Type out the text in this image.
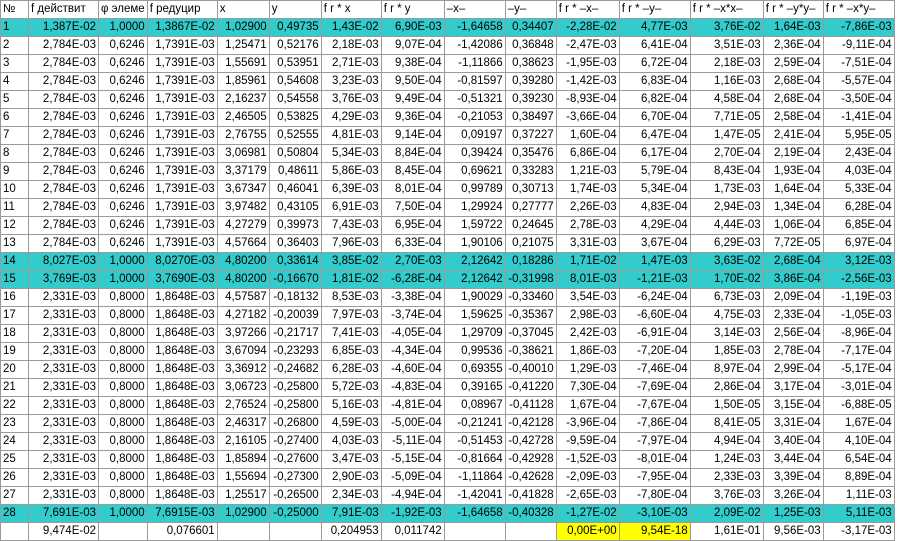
№	f действит	φ элеме	f редуцир	x	y	f r * x	f r * y	–x–	–y–	f r * –x–	f r * –y–	f r * –x*x–	f r * –y*y–	f r * –x*y–
1	1,387E-02	1,0000	1,3867E-02	1,02900	0,49735	1,43E-02	6,90E-03	-1,64658	0,34407	-2,28E-02	4,77E-03	3,76E-02	1,64E-03	-7,86E-03
2	2,784E-03	0,6246	1,7391E-03	1,25471	0,52176	2,18E-03	9,07E-04	-1,42086	0,36848	-2,47E-03	6,41E-04	3,51E-03	2,36E-04	-9,11E-04
3	2,784E-03	0,6246	1,7391E-03	1,55691	0,53951	2,71E-03	9,38E-04	-1,11866	0,38623	-1,95E-03	6,72E-04	2,18E-03	2,59E-04	-7,51E-04
4	2,784E-03	0,6246	1,7391E-03	1,85961	0,54608	3,23E-03	9,50E-04	-0,81597	0,39280	-1,42E-03	6,83E-04	1,16E-03	2,68E-04	-5,57E-04
5	2,784E-03	0,6246	1,7391E-03	2,16237	0,54558	3,76E-03	9,49E-04	-0,51321	0,39230	-8,93E-04	6,82E-04	4,58E-04	2,68E-04	-3,50E-04
6	2,784E-03	0,6246	1,7391E-03	2,46505	0,53825	4,29E-03	9,36E-04	-0,21053	0,38497	-3,66E-04	6,70E-04	7,71E-05	2,58E-04	-1,41E-04
7	2,784E-03	0,6246	1,7391E-03	2,76755	0,52555	4,81E-03	9,14E-04	0,09197	0,37227	1,60E-04	6,47E-04	1,47E-05	2,41E-04	5,95E-05
8	2,784E-03	0,6246	1,7391E-03	3,06981	0,50804	5,34E-03	8,84E-04	0,39424	0,35476	6,86E-04	6,17E-04	2,70E-04	2,19E-04	2,43E-04
9	2,784E-03	0,6246	1,7391E-03	3,37179	0,48611	5,86E-03	8,45E-04	0,69621	0,33283	1,21E-03	5,79E-04	8,43E-04	1,93E-04	4,03E-04
10	2,784E-03	0,6246	1,7391E-03	3,67347	0,46041	6,39E-03	8,01E-04	0,99789	0,30713	1,74E-03	5,34E-04	1,73E-03	1,64E-04	5,33E-04
11	2,784E-03	0,6246	1,7391E-03	3,97482	0,43105	6,91E-03	7,50E-04	1,29924	0,27777	2,26E-03	4,83E-04	2,94E-03	1,34E-04	6,28E-04
12	2,784E-03	0,6246	1,7391E-03	4,27279	0,39973	7,43E-03	6,95E-04	1,59722	0,24645	2,78E-03	4,29E-04	4,44E-03	1,06E-04	6,85E-04
13	2,784E-03	0,6246	1,7391E-03	4,57664	0,36403	7,96E-03	6,33E-04	1,90106	0,21075	3,31E-03	3,67E-04	6,29E-03	7,72E-05	6,97E-04
14	8,027E-03	1,0000	8,0270E-03	4,80200	0,33614	3,85E-02	2,70E-03	2,12642	0,18286	1,71E-02	1,47E-03	3,63E-02	2,68E-04	3,12E-03
15	3,769E-03	1,0000	3,7690E-03	4,80200	-0,16670	1,81E-02	-6,28E-04	2,12642	-0,31998	8,01E-03	-1,21E-03	1,70E-02	3,86E-04	-2,56E-03
16	2,331E-03	0,8000	1,8648E-03	4,57587	-0,18132	8,53E-03	-3,38E-04	1,90029	-0,33460	3,54E-03	-6,24E-04	6,73E-03	2,09E-04	-1,19E-03
17	2,331E-03	0,8000	1,8648E-03	4,27182	-0,20039	7,97E-03	-3,74E-04	1,59625	-0,35367	2,98E-03	-6,60E-04	4,75E-03	2,33E-04	-1,05E-03
18	2,331E-03	0,8000	1,8648E-03	3,97266	-0,21717	7,41E-03	-4,05E-04	1,29709	-0,37045	2,42E-03	-6,91E-04	3,14E-03	2,56E-04	-8,96E-04
19	2,331E-03	0,8000	1,8648E-03	3,67094	-0,23293	6,85E-03	-4,34E-04	0,99536	-0,38621	1,86E-03	-7,20E-04	1,85E-03	2,78E-04	-7,17E-04
20	2,331E-03	0,8000	1,8648E-03	3,36912	-0,24682	6,28E-03	-4,60E-04	0,69355	-0,40010	1,29E-03	-7,46E-04	8,97E-04	2,99E-04	-5,17E-04
21	2,331E-03	0,8000	1,8648E-03	3,06723	-0,25800	5,72E-03	-4,83E-04	0,39165	-0,41220	7,30E-04	-7,69E-04	2,86E-04	3,17E-04	-3,01E-04
22	2,331E-03	0,8000	1,8648E-03	2,76524	-0,25800	5,16E-03	-4,81E-04	0,08967	-0,41128	1,67E-04	-7,67E-04	1,50E-05	3,15E-04	-6,88E-05
23	2,331E-03	0,8000	1,8648E-03	2,46317	-0,26800	4,59E-03	-5,00E-04	-0,21241	-0,42128	-3,96E-04	-7,86E-04	8,41E-05	3,31E-04	1,67E-04
24	2,331E-03	0,8000	1,8648E-03	2,16105	-0,27400	4,03E-03	-5,11E-04	-0,51453	-0,42728	-9,59E-04	-7,97E-04	4,94E-04	3,40E-04	4,10E-04
25	2,331E-03	0,8000	1,8648E-03	1,85894	-0,27600	3,47E-03	-5,15E-04	-0,81664	-0,42928	-1,52E-03	-8,01E-04	1,24E-03	3,44E-04	6,54E-04
26	2,331E-03	0,8000	1,8648E-03	1,55694	-0,27300	2,90E-03	-5,09E-04	-1,11864	-0,42628	-2,09E-03	-7,95E-04	2,33E-03	3,39E-04	8,89E-04
27	2,331E-03	0,8000	1,8648E-03	1,25517	-0,26500	2,34E-03	-4,94E-04	-1,42041	-0,41828	-2,65E-03	-7,80E-04	3,76E-03	3,26E-04	1,11E-03
28	7,691E-03	1,0000	7,6915E-03	1,02900	-0,25000	7,91E-03	-1,92E-03	-1,64658	-0,40328	-1,27E-02	-3,10E-03	2,09E-02	1,25E-03	5,11E-03
	9,474E-02		0,076601			0,204953	0,011742			0,00E+00	9,54E-18	1,61E-01	9,56E-03	-3,17E-03
